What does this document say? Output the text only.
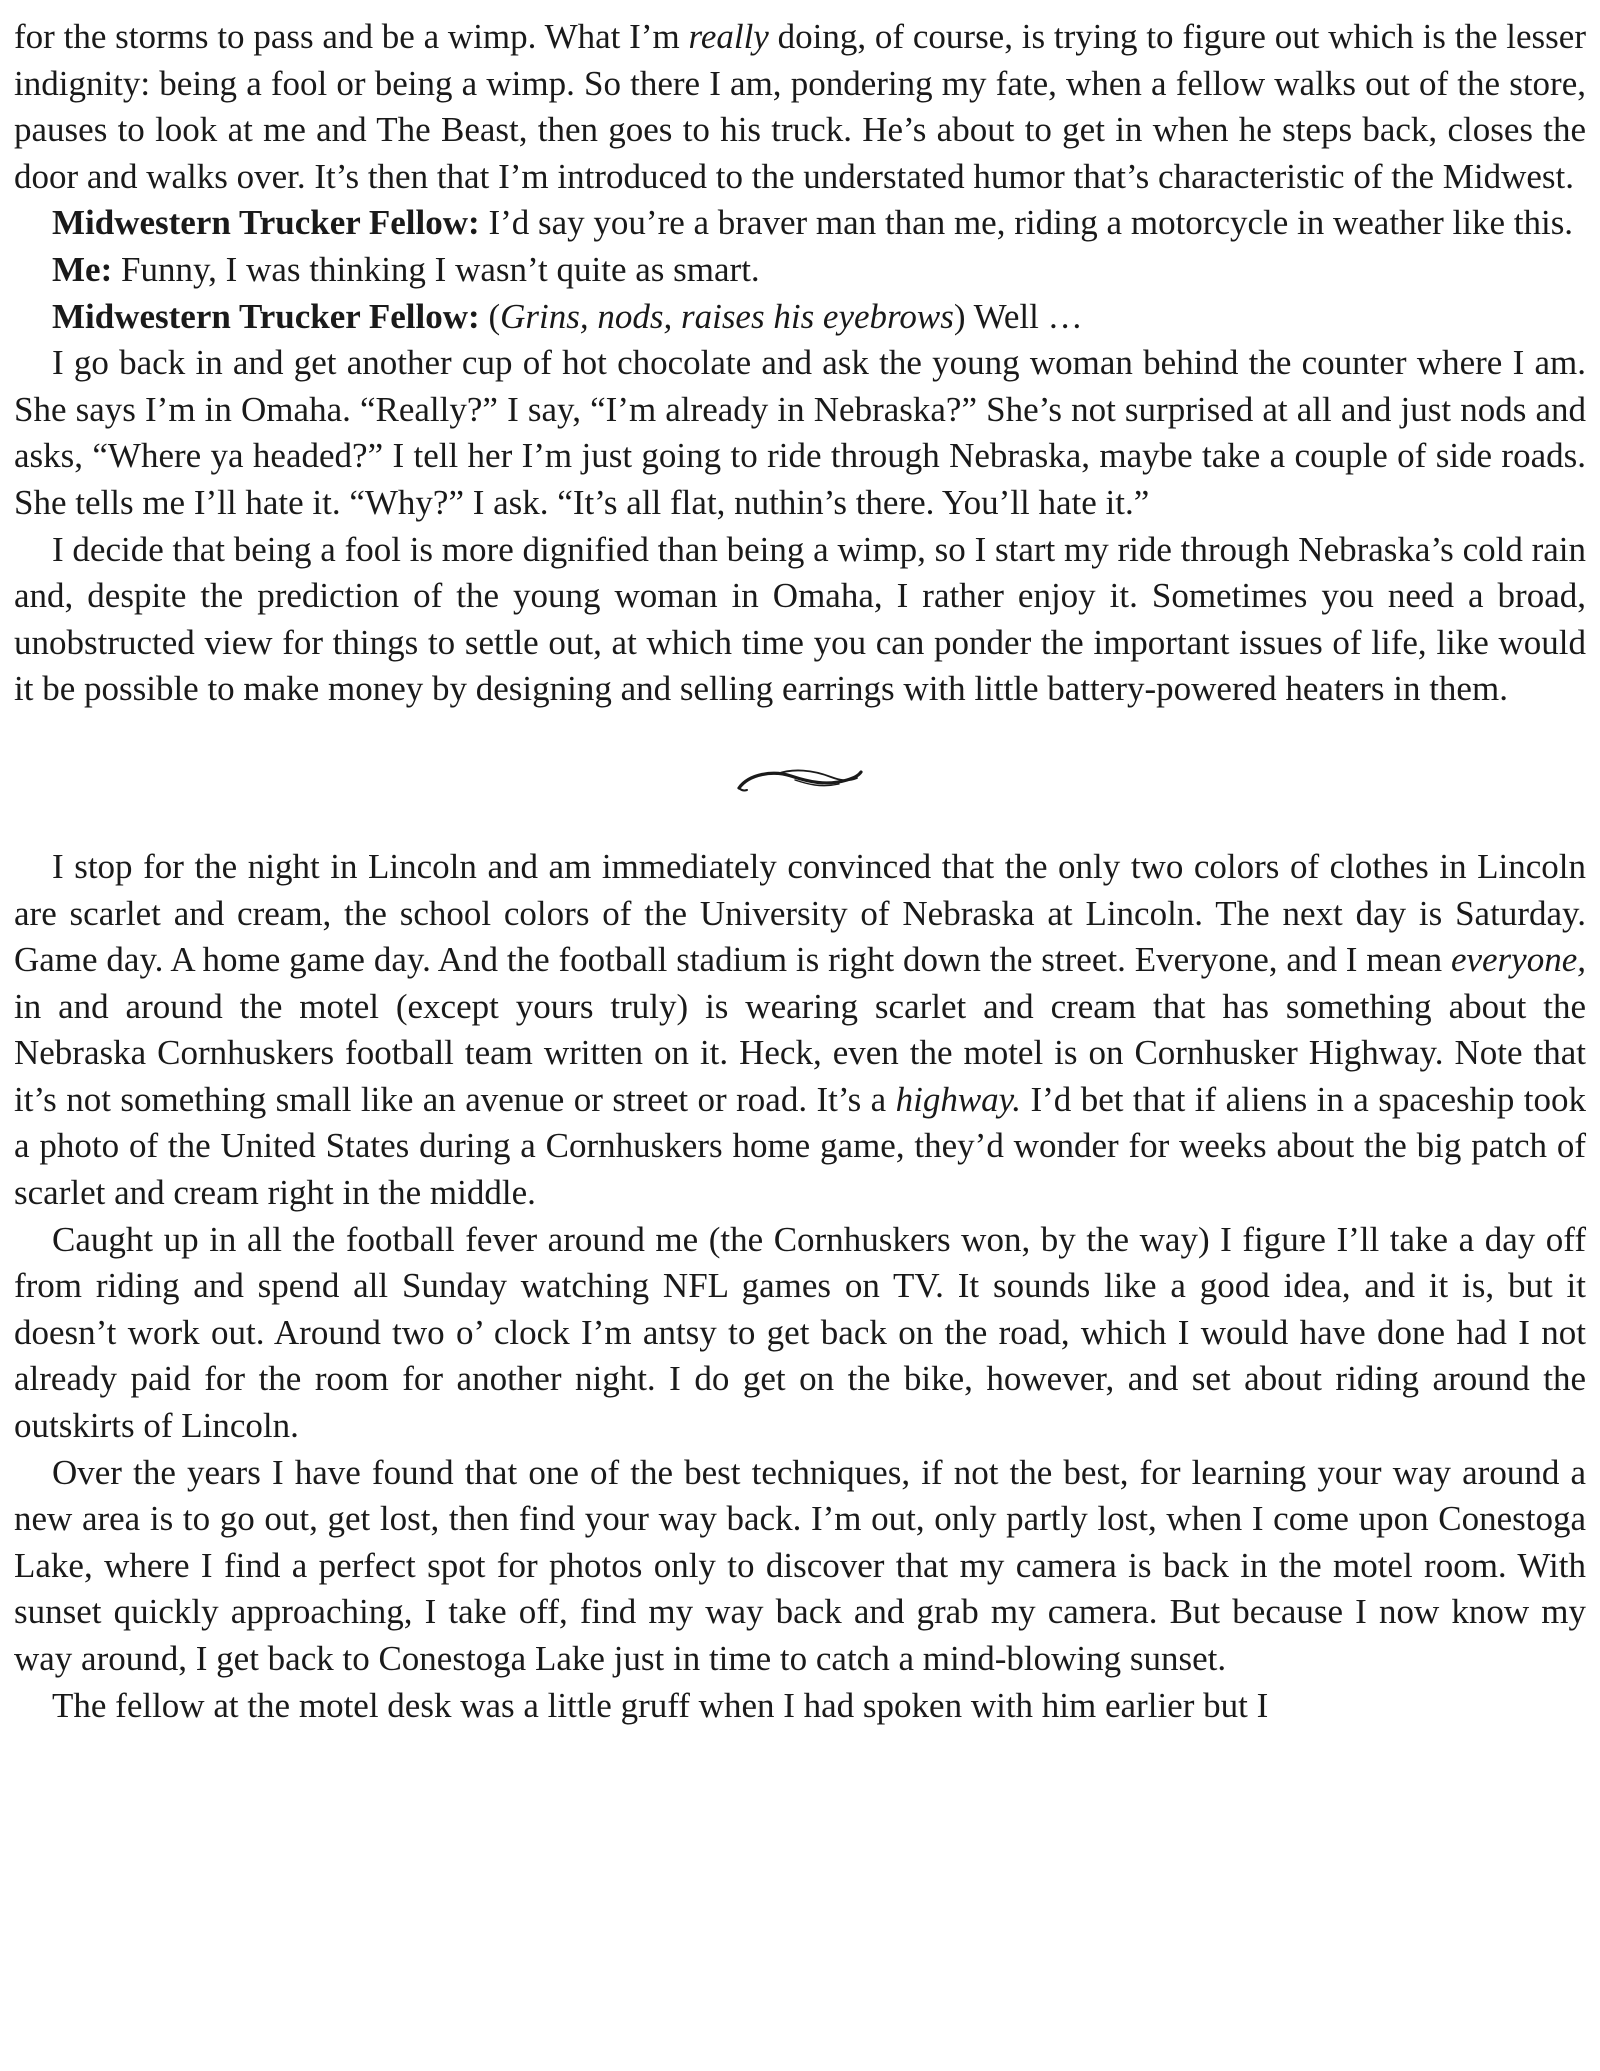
for the storms to pass and be a wimp. What I’m really doing, of course, is trying to figure out which is the lesser indignity: being a fool or being a wimp. So there I am, pondering my fate, when a fellow walks out of the store, pauses to look at me and The Beast, then goes to his truck. He’s about to get in when he steps back, closes the door and walks over. It’s then that I’m introduced to the understated humor that’s characteristic of the Midwest.

Midwestern Trucker Fellow: I’d say you’re a braver man than me, riding a motorcycle in weather like this.

Me: Funny, I was thinking I wasn’t quite as smart.

Midwestern Trucker Fellow: (Grins, nods, raises his eyebrows) Well …

I go back in and get another cup of hot chocolate and ask the young woman behind the counter where I am. She says I’m in Omaha. “Really?” I say, “I’m already in Nebraska?” She’s not surprised at all and just nods and asks, “Where ya headed?” I tell her I’m just going to ride through Nebraska, maybe take a couple of side roads. She tells me I’ll hate it. “Why?” I ask. “It’s all flat, nuthin’s there. You’ll hate it.”

I decide that being a fool is more dignified than being a wimp, so I start my ride through Nebraska’s cold rain and, despite the prediction of the young woman in Omaha, I rather enjoy it. Sometimes you need a broad, unobstructed view for things to settle out, at which time you can ponder the important issues of life, like would it be possible to make money by designing and selling earrings with little battery-powered heaters in them.

I stop for the night in Lincoln and am immediately convinced that the only two colors of clothes in Lincoln are scarlet and cream, the school colors of the University of Nebraska at Lincoln. The next day is Saturday. Game day. A home game day. And the football stadium is right down the street. Everyone, and I mean everyone, in and around the motel (except yours truly) is wearing scarlet and cream that has something about the Nebraska Cornhuskers football team written on it. Heck, even the motel is on Cornhusker Highway. Note that it’s not something small like an avenue or street or road. It’s a highway. I’d bet that if aliens in a spaceship took a photo of the United States during a Cornhuskers home game, they’d wonder for weeks about the big patch of scarlet and cream right in the middle.

Caught up in all the football fever around me (the Cornhuskers won, by the way) I figure I’ll take a day off from riding and spend all Sunday watching NFL games on TV. It sounds like a good idea, and it is, but it doesn’t work out. Around two o’ clock I’m antsy to get back on the road, which I would have done had I not already paid for the room for another night. I do get on the bike, however, and set about riding around the outskirts of Lincoln.

Over the years I have found that one of the best techniques, if not the best, for learning your way around a new area is to go out, get lost, then find your way back. I’m out, only partly lost, when I come upon Conestoga Lake, where I find a perfect spot for photos only to discover that my camera is back in the motel room. With sunset quickly approaching, I take off, find my way back and grab my camera. But because I now know my way around, I get back to Conestoga Lake just in time to catch a mind-blowing sunset.

The fellow at the motel desk was a little gruff when I had spoken with him earlier but I
